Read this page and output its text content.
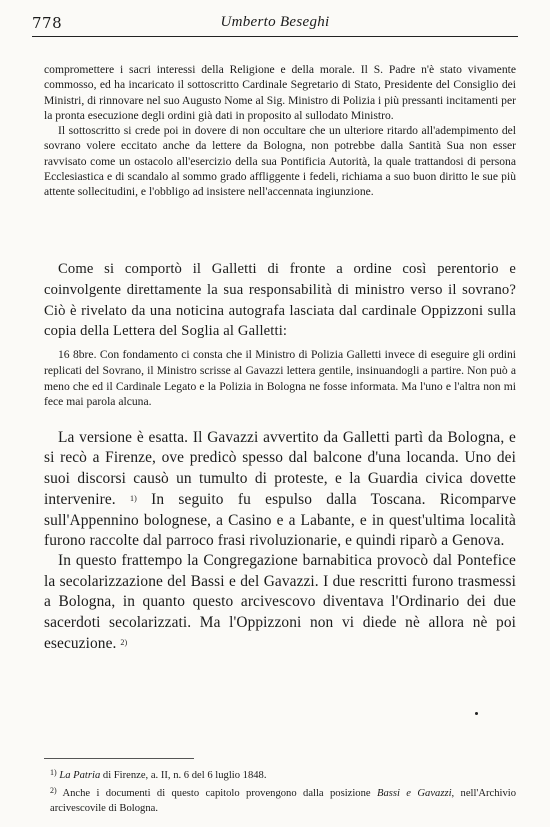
778	Umberto Beseghi

compromettere i sacri interessi della Religione e della morale. Il S. Padre n'è stato vivamente commosso, ed ha incaricato il sottoscritto Cardinale Segretario di Stato, Presidente del Consiglio dei Ministri, di rinnovare nel suo Augusto Nome al Sig. Ministro di Polizia i più pressanti incitamenti per la pronta esecuzione degli ordini già dati in proposito al sullodato Ministro.

Il sottoscritto si crede poi in dovere di non occultare che un ulteriore ritardo all'adempimento del sovrano volere eccitato anche da lettere da Bologna, non potrebbe dalla Santità Sua non esser ravvisato come un ostacolo all'esercizio della sua Pontificia Autorità, la quale trattandosi di persona Ecclesiastica e di scandalo al sommo grado affliggente i fedeli, richiama a suo buon diritto le sue più attente sollecitudini, e l'obbligo ad insistere nell'accennata ingiunzione.

Come si comportò il Galletti di fronte a ordine così perentorio e coinvolgente direttamente la sua responsabilità di ministro verso il sovrano? Ciò è rivelato da una noticina autografa lasciata dal cardinale Oppizzoni sulla copia della Lettera del Soglia al Galletti:

16 8bre. Con fondamento ci consta che il Ministro di Polizia Galletti invece di eseguire gli ordini replicati del Sovrano, il Ministro scrisse al Gavazzi lettera gentile, insinuandogli a partire. Non può a meno che ed il Cardinale Legato e la Polizia in Bologna ne fosse informata. Ma l'uno e l'altra non mi fece mai parola alcuna.

La versione è esatta. Il Gavazzi avvertito da Galletti partì da Bologna, e si recò a Firenze, ove predicò spesso dal balcone d'una locanda. Uno dei suoi discorsi causò un tumulto di proteste, e la Guardia civica dovette intervenire. $^{1)}$ In seguito fu espulso dalla Toscana. Ricomparve sull'Appennino bolognese, a Casino e a Labante, e in quest'ultima località furono raccolte dal parroco frasi rivoluzionarie, e quindi riparò a Genova.

In questo frattempo la Congregazione barnabitica provocò dal Pontefice la secolarizzazione del Bassi e del Gavazzi. I due rescritti furono trasmessi a Bologna, in quanto questo arcivescovo diventava l'Ordinario dei due sacerdoti secolarizzati. Ma l'Oppizzoni non vi diede nè allora nè poi esecuzione. $^{2)}$

$^{1)}$ La Patria di Firenze, a. II, n. 6 del 6 luglio 1848.

$^{2)}$ Anche i documenti di questo capitolo provengono dalla posizione Bassi e Gavazzi, nell'Archivio arcivescovile di Bologna.
